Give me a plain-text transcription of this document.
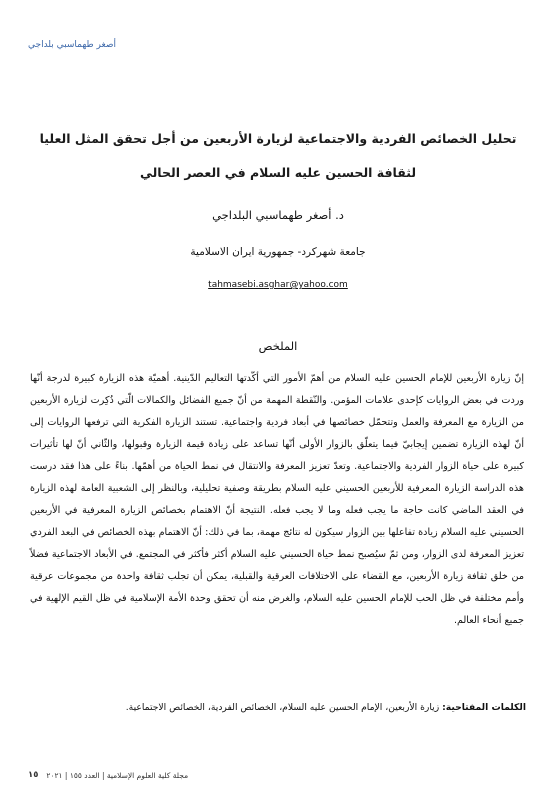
أصغر طهماسبي بلداجي
تحليل الخصائص الفردية والاجتماعية لزيارة الأربعين من أجل تحقق المثل العليا لثقافة الحسين عليه السلام في العصر الحالي
د. أصغر طهماسبي البلداجي
جامعة شهركرد- جمهورية ايران الاسلامية
tahmasebi.asghar@yahoo.com
الملخص
إنّ زيارة الأربعين للإمام الحسين عليه السلام من أهمّ الأمور التي أكّدتها التعاليم الدّينية. أهميّة هذه الزيارة كبيرة لدرجة أنّها وردت في بعض الروايات كإحدى علامات المؤمن. والنّقطة المهمة من أنّ جميع الفضائل والكمالات الّتي ذُكِرت لزيارة الأربعين من الزيارة مع المعرفة والعمل وتتحمّل خصائصها في أبعاد فردية واجتماعية. تستند الزيارة الفكرية التي ترفعها الروايات إلى أنّ لهذه الزيارة تضمين إيجابيّ فيما يتعلّق بالزوار الأولى أنّها تساعد على زيادة قيمة الزيارة وقبولها، والثّاني أنّ لها تأثيرات كبيرة على حياة الزوار الفردية والاجتماعية. وتعدّ تعزيز المعرفة والانتقال في نمط الحياة من أهمّها. بناءً على هذا فقد درست هذه الدراسة الزيارة المعرفية للأربعين الحسيني عليه السلام بطريقة وصفية تحليلية، وبالنظر إلى الشعبية العامة لهذه الزيارة في العقد الماضي كانت حاجة ما يجب فعله وما لا يجب فعله. النتيجة أنّ الاهتمام بخصائص الزيارة المعرفية في الأربعين الحسيني عليه السلام زيادة تفاعلها بين الزوار سيكون له نتائج مهمة، بما في ذلك: أنّ الاهتمام بهذه الخصائص في البعد الفردي تعزيز المعرفة لدى الزوار، ومن ثمّ سيُصبح نمط حياة الحسيني عليه السلام أكثر فأكثر في المجتمع. في الأبعاد الاجتماعية فضلاً من خلق ثقافة زيارة الأربعين، مع القضاء على الاختلافات العرقية والقبلية، يمكن أن تجلب ثقافة واحدة من مجموعات عرقية وأمم مختلفة في ظل الحب للإمام الحسين عليه السلام، والغرض منه أن تحقق وحدة الأمة الإسلامية في ظل القيم الإلهية في جميع أنحاء العالم.
الكلمات المفتاحية: زيارة الأربعين، الإمام الحسين عليه السلام، الخصائص الفردية، الخصائص الاجتماعية.
١٥ مجلة كلية العلوم الإسلامية | العدد ١٥٥ | ٢٠٢١
